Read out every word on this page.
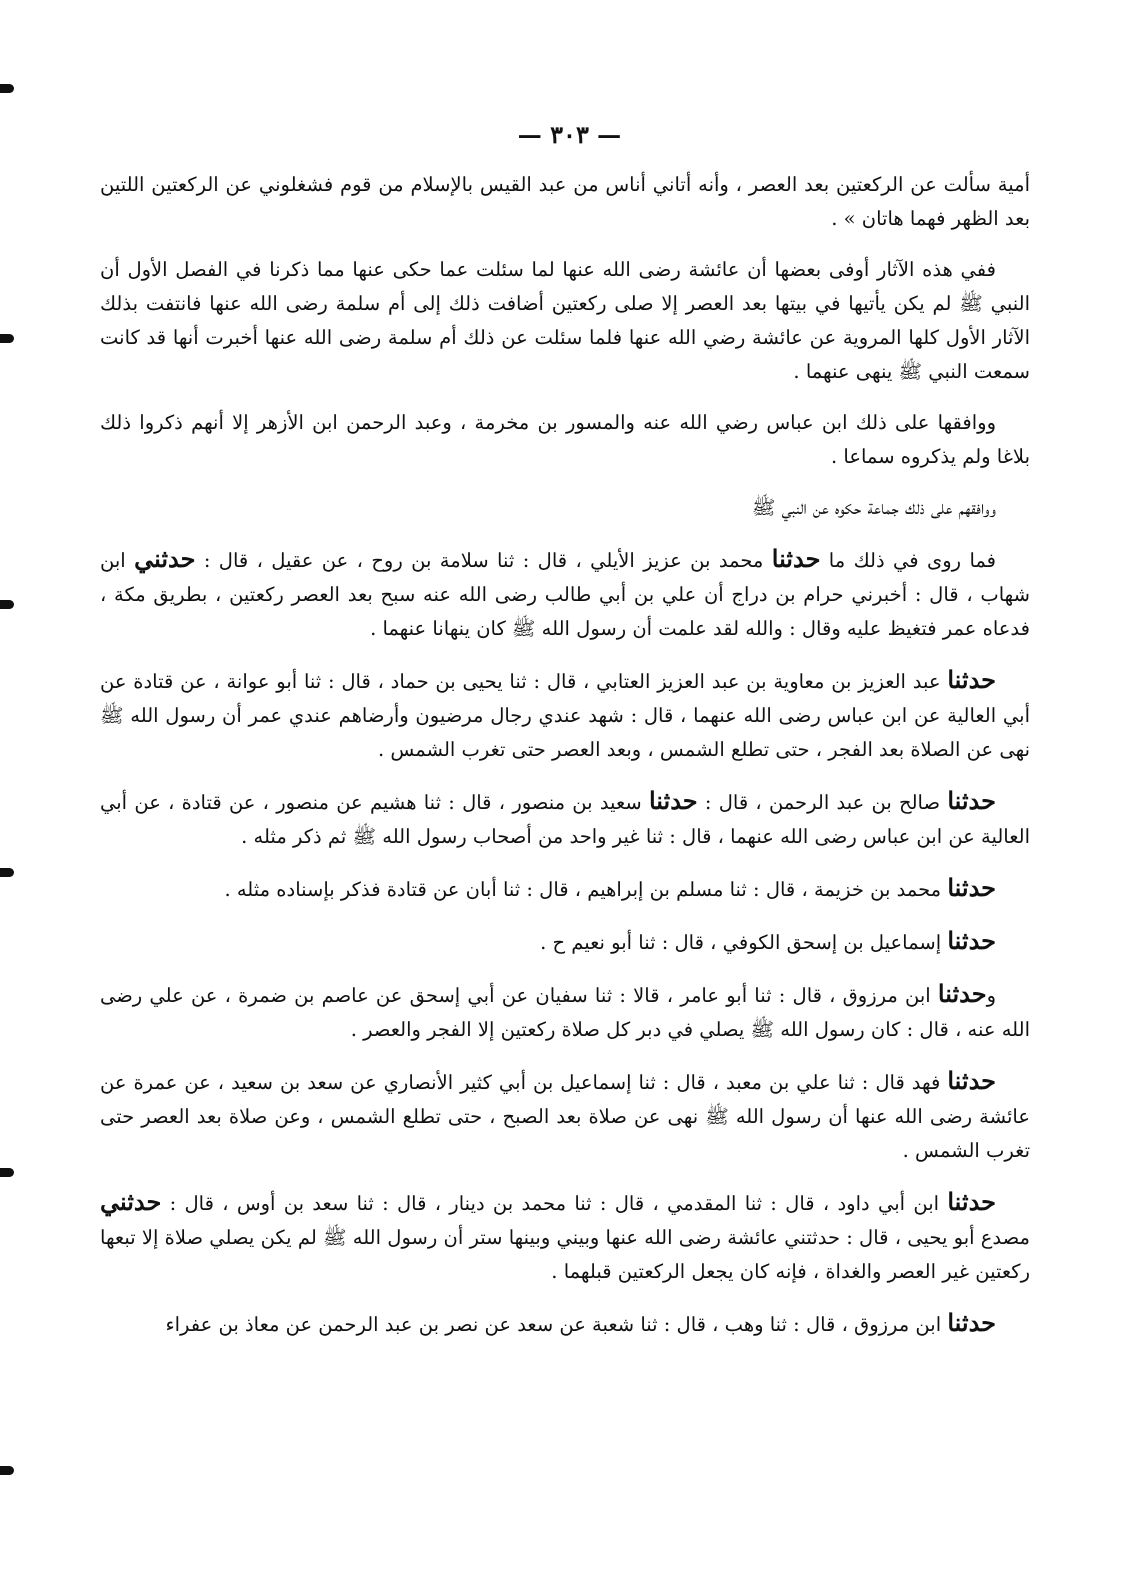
— ٣٠٣ —

أمية سألت عن الركعتين بعد العصر ، وأنه أتاني أناس من عبد القيس بالإسلام من قوم فشغلوني عن الركعتين اللتين بعد الظهر فهما هاتان » .

ففي هذه الآثار أوفى بعضها أن عائشة رضى الله عنها لما سئلت عما حكى عنها مما ذكرنا في الفصل الأول أن النبي ﷺ لم يكن يأتيها في بيتها بعد العصر إلا صلى ركعتين أضافت ذلك إلى أم سلمة رضى الله عنها فانتفت بذلك الآثار الأول كلها المروية عن عائشة رضي الله عنها فلما سئلت عن ذلك أم سلمة رضى الله عنها أخبرت أنها قد كانت سمعت النبي ﷺ ينهى عنهما .

ووافقها على ذلك ابن عباس رضي الله عنه والمسور بن مخرمة ، وعبد الرحمن ابن الأزهر إلا أنهم ذكروا ذلك بلاغا ولم يذكروه سماعا .

ووافقهم على ذلك جماعة حكوه عن النبي ﷺ

فما روى في ذلك ما حدثنا محمد بن عزيز الأيلي ، قال : ثنا سلامة بن روح ، عن عقيل ، قال : حدثني ابن شهاب ، قال : أخبرني حرام بن دراج أن علي بن أبي طالب رضى الله عنه سبح بعد العصر ركعتين ، بطريق مكة ، فدعاه عمر فتغيظ عليه وقال : والله لقد علمت أن رسول الله ﷺ كان ينهانا عنهما .

حدثنا عبد العزيز بن معاوية بن عبد العزيز العتابي ، قال : ثنا يحيى بن حماد ، قال : ثنا أبو عوانة ، عن قتادة عن أبي العالية عن ابن عباس رضى الله عنهما ، قال : شهد عندي رجال مرضيون وأرضاهم عندي عمر أن رسول الله ﷺ نهى عن الصلاة بعد الفجر ، حتى تطلع الشمس ، وبعد العصر حتى تغرب الشمس .

حدثنا صالح بن عبد الرحمن ، قال : حدثنا سعيد بن منصور ، قال : ثنا هشيم عن منصور ، عن قتادة ، عن أبي العالية عن ابن عباس رضى الله عنهما ، قال : ثنا غير واحد من أصحاب رسول الله ﷺ ثم ذكر مثله .

حدثنا محمد بن خزيمة ، قال : ثنا مسلم بن إبراهيم ، قال : ثنا أبان عن قتادة فذكر بإسناده مثله .

حدثنا إسماعيل بن إسحق الكوفي ، قال : ثنا أبو نعيم ح .

وحدثنا ابن مرزوق ، قال : ثنا أبو عامر ، قالا : ثنا سفيان عن أبي إسحق عن عاصم بن ضمرة ، عن علي رضى الله عنه ، قال : كان رسول الله ﷺ يصلي في دبر كل صلاة ركعتين إلا الفجر والعصر .

حدثنا فهد قال : ثنا علي بن معبد ، قال : ثنا إسماعيل بن أبي كثير الأنصاري عن سعد بن سعيد ، عن عمرة عن عائشة رضى الله عنها أن رسول الله ﷺ نهى عن صلاة بعد الصبح ، حتى تطلع الشمس ، وعن صلاة بعد العصر حتى تغرب الشمس .

حدثنا ابن أبي داود ، قال : ثنا المقدمي ، قال : ثنا محمد بن دينار ، قال : ثنا سعد بن أوس ، قال : حدثني مصدع أبو يحيى ، قال : حدثتني عائشة رضى الله عنها وبيني وبينها ستر أن رسول الله ﷺ لم يكن يصلي صلاة إلا تبعها ركعتين غير العصر والغداة ، فإنه كان يجعل الركعتين قبلهما .

حدثنا ابن مرزوق ، قال : ثنا وهب ، قال : ثنا شعبة عن سعد عن نصر بن عبد الرحمن عن معاذ بن عفراء
